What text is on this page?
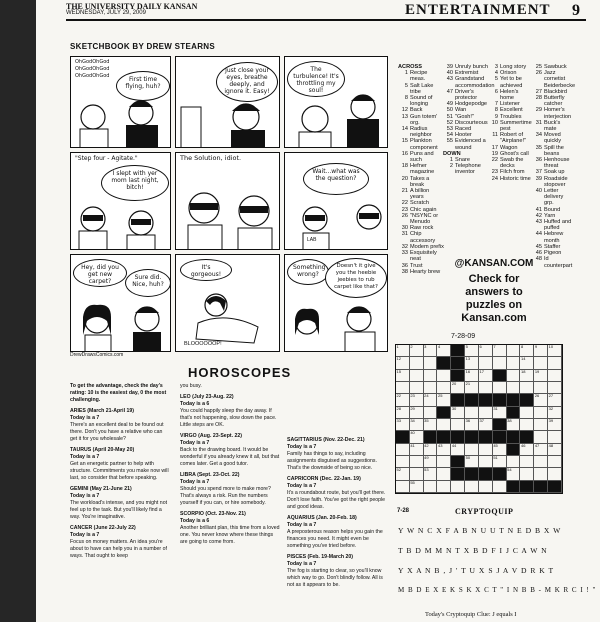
THE UNIVERSITY DAILY KANSAN
WEDNESDAY, JULY 29, 2009	ENTERTAINMENT 9
SKETCHBOOK BY DREW STEARNS
OhGodOhGod OhGodOhGod OhGodOhGod	First time flying, huh?
Just close your eyes, breathe deeply, and ignore it. Easy!
The turbulence! It's throttling my soul!
"Step four - Agitate."
I slept with yer mom last night, bitch!
The Solution, idiot.
Wait...what was the question?
LAB
Hey, did you get new carpet?
Sure did. Nice, huh?
It's gorgeous!
BLOOOOOOP!
Something wrong?
Doesn't it give you the heebie jeebies to rub carpet like that?
DrewDrawsComics.com
HOROSCOPES
To get the advantage, check the day's rating: 10 is the easiest day, 0 the most challenging.
ARIES (March 21-April 19)
Today is a 7
There's an excellent deal to be found out there. Don't you have a relative who can get it for you wholesale?
TAURUS (April 20-May 20)
Today is a 7
Get an energetic partner to help with structure. Commitments you make now will last, so consider that before speaking.
GEMINI (May 21-June 21)
Today is a 7
The workload's intense, and you might not feel up to the task. But you'll likely find a way. You're imaginative.
CANCER (June 22-July 22)
Today is a 7
Focus on money matters. An idea you're about to have can help you in a number of ways. That ought to keep
you busy.
LEO (July 23-Aug. 22)
Today is a 6
You could happily sleep the day away. If that's not happening, slow down the pace. Little steps are OK.
VIRGO (Aug. 23-Sept. 22)
Today is a 7
Back to the drawing board. It would be wonderful if you already knew it all, but that comes later. Get a good tutor.
LIBRA (Sept. 23-Oct. 22)
Today is a 7
Should you spend more to make more? That's always a risk. Run the numbers yourself if you can, or hire somebody.
SCORPIO (Oct. 23-Nov. 21)
Today is a 6
Another brilliant plan, this time from a loved one. You never know where these things are going to come from.
SAGITTARIUS (Nov. 22-Dec. 21)
Today is a 7
Family has things to say, including assignments disguised as suggestions. That's the downside of being so nice.
CAPRICORN (Dec. 22-Jan. 19)
Today is a 7
It's a roundabout route, but you'll get there. Don't lose faith. You've got the right people and good ideas.
AQUARIUS (Jan. 20-Feb. 18)
Today is a 7
A preposterous reason helps you gain the finances you need. It might even be something you've tried before.
PISCES (Feb. 19-March 20)
Today is a 7
The fog is starting to clear, so you'll know which way to go. Don't blindly follow. All is not as it appears to be.
ACROSS
1 Recipe meas.
5 Salt Lake tribe
8 Sound of longing
12 Back
13 Gun totem' org.
14 Radius neighbor
15 Plankton component
16 Puns and such
18 Hefner magazine
20 Takes a break
21 A billion years
22 Scratch
23 Chic again
26 "NSYNC or Menudo
30 Raw rock
31 Chip accessory
32 Modem prefix
33 Exquisitely neat
36 Trust
38 Hearty brew
39 Unruly bunch
40 Extremist
43 Grandstand accommodation
47 Driver's protector
49 Hodgepodge
50 Wan
51 "Gosh!"
52 Discourteous
53 Raced
54 Hooter
55 Evidenced a wound
DOWN
1 Snare
2 Telephone inventor
3 Long story
4 Orison
5 Yet to be achieved
6 Helen's home
7 Listener
8 Excellent
9 Troubles
10 Summertime pest
11 Robert of "Airplane!"
17 Wagon
19 Ghost's call
22 Swab the decks
23 Filch from
24 Historic time
25 Sawbuck
26 Jazz cornetist Beiderbecke
27 Blackbird
28 Butterfly catcher
29 Homer's interjection
31 Buck's mate
34 Moved quickly
35 Spill the beans
36 Henhouse threat
37 Soak up
39 Roadside stopover
40 Letter delivery grp.
41 Bound
42 Yarn
43 Huffed and puffed
44 Hebrew month
45 Staffer
46 Pigeon
48 Id counterpart
@KANSAN.COM
Check for answers to puzzles on Kansan.com
7-28-09
1	2	3	4	5	6	7	8	9	10
12	13	14
15	16	17	18	19
20	21
22	23	24	25	26	27
28	29	30	31	32
33	34	35	36	37	38	39
40
41	42	43	44	45	46	47	48
49	50	51
52	53	54
55
7-28	CRYPTOQUIP
Y W N C X F A B N U U T N E D B X W
T B D M M N T X B D F I J C A W N
Y X A N B , J ' T U X S J A V D R K T
M B D E X E K S K X C T " I N B B - M K R C I ! "
Today's Cryptoquip Clue: J equals I
